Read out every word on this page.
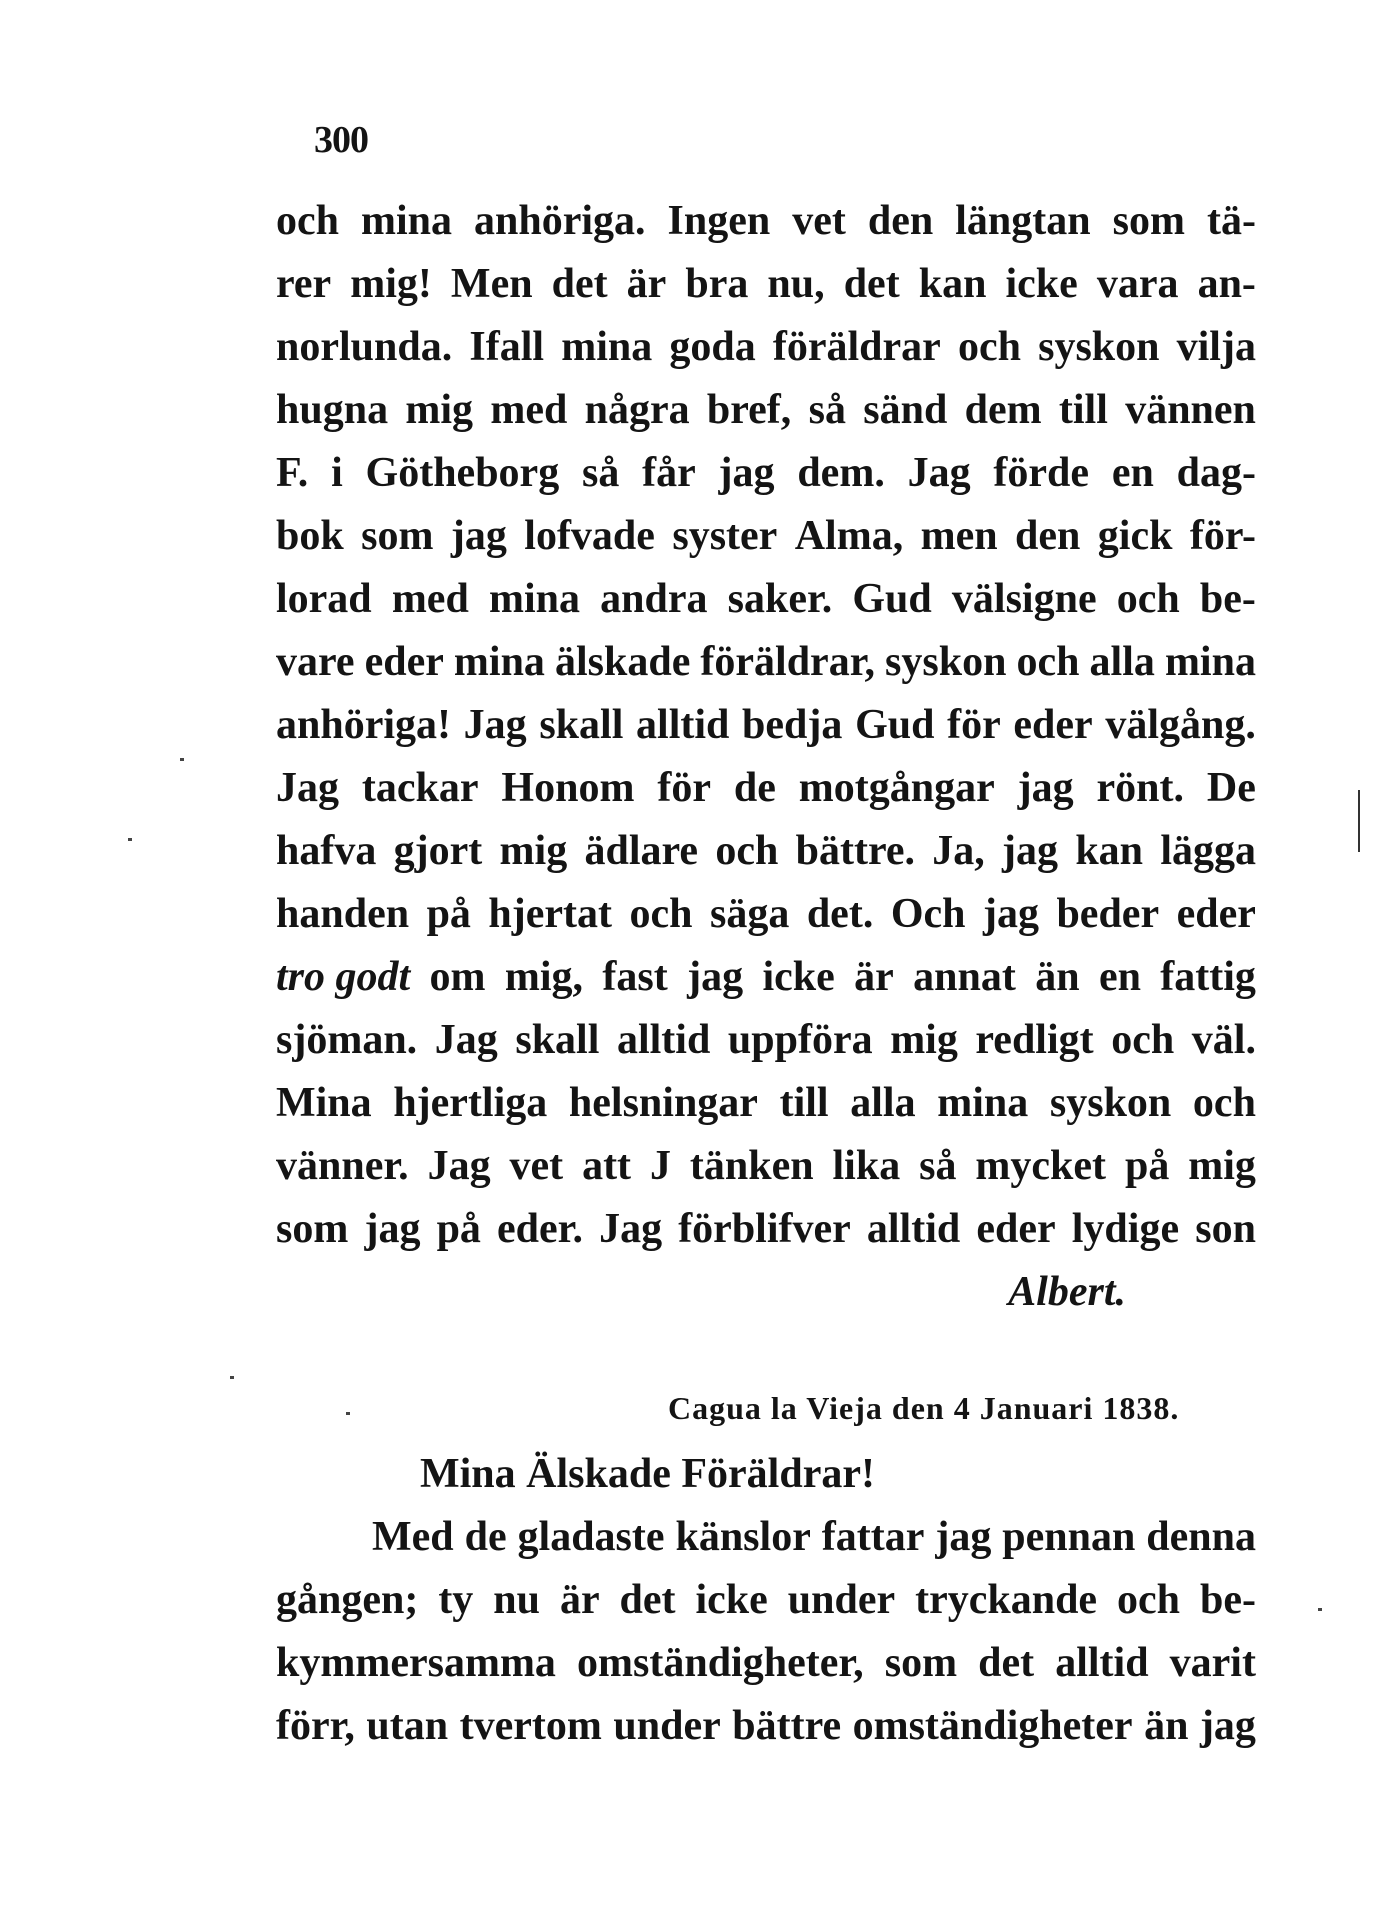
300
och mina anhöriga. Ingen vet den längtan som tä-
rer mig! Men det är bra nu, det kan icke vara an-
norlunda. Ifall mina goda föräldrar och syskon vilja
hugna mig med några bref, så sänd dem till vännen
F. i Götheborg så får jag dem. Jag förde en dag-
bok som jag lofvade syster Alma, men den gick för-
lorad med mina andra saker. Gud välsigne och be-
vare eder mina älskade föräldrar, syskon och alla mina
anhöriga! Jag skall alltid bedja Gud för eder välgång.
Jag tackar Honom för de motgångar jag rönt. De
hafva gjort mig ädlare och bättre. Ja, jag kan lägga
handen på hjertat och säga det. Och jag beder eder
tro godt om mig, fast jag icke är annat än en fattig
sjöman. Jag skall alltid uppföra mig redligt och väl.
Mina hjertliga helsningar till alla mina syskon och
vänner. Jag vet att J tänken lika så mycket på mig
som jag på eder. Jag förblifver alltid eder lydige son
Albert.
Cagua la Vieja den 4 Januari 1838.
Mina Älskade Föräldrar!
Med de gladaste känslor fattar jag pennan denna
gången; ty nu är det icke under tryckande och be-
kymmersamma omständigheter, som det alltid varit
förr, utan tvertom under bättre omständigheter än jag
